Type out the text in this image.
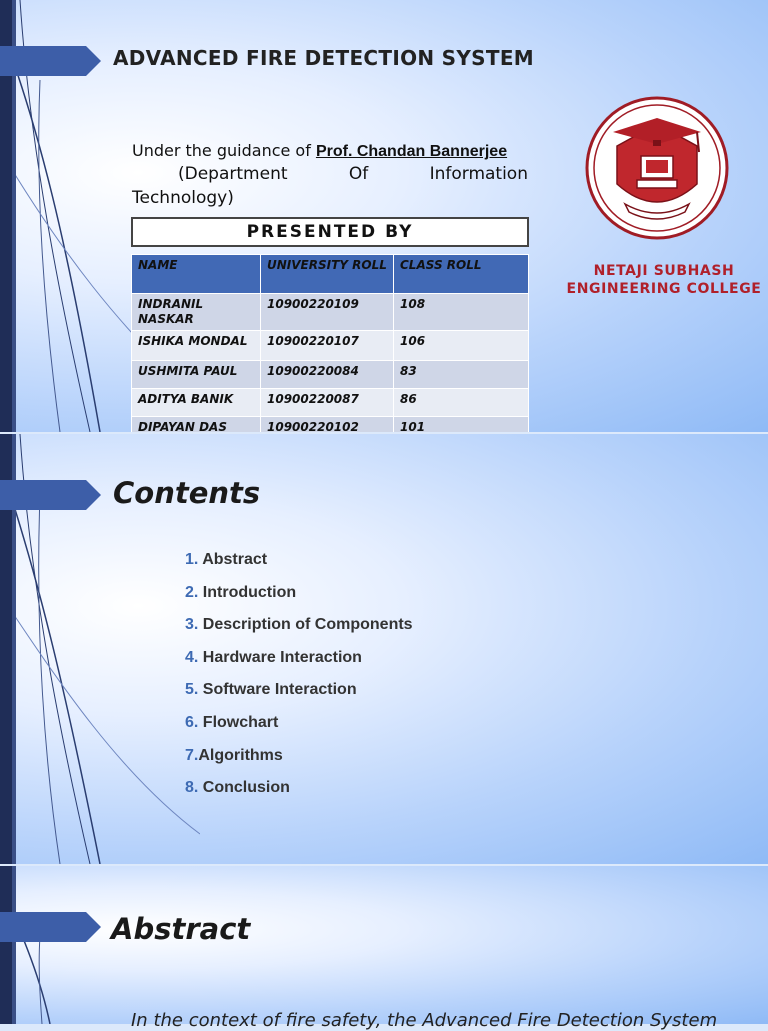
ADVANCED FIRE DETECTION SYSTEM
Under the guidance of Prof. Chandan Bannerjee
(Department	Of	Information
Technology)
PRESENTED BY
NAME	UNIVERSITY ROLL	CLASS ROLL
INDRANIL NASKAR	10900220109	108
ISHIKA MONDAL	10900220107	106
USHMITA PAUL	10900220084	83
ADITYA BANIK	10900220087	86
DIPAYAN DAS	10900220102	101
NETAJI SUBHASH
ENGINEERING COLLEGE
Contents
1. Abstract
2. Introduction
3. Description of Components
4. Hardware Interaction
5. Software Interaction
6. Flowchart
7.Algorithms
8. Conclusion
Abstract
In the context of fire safety, the Advanced Fire Detection System
